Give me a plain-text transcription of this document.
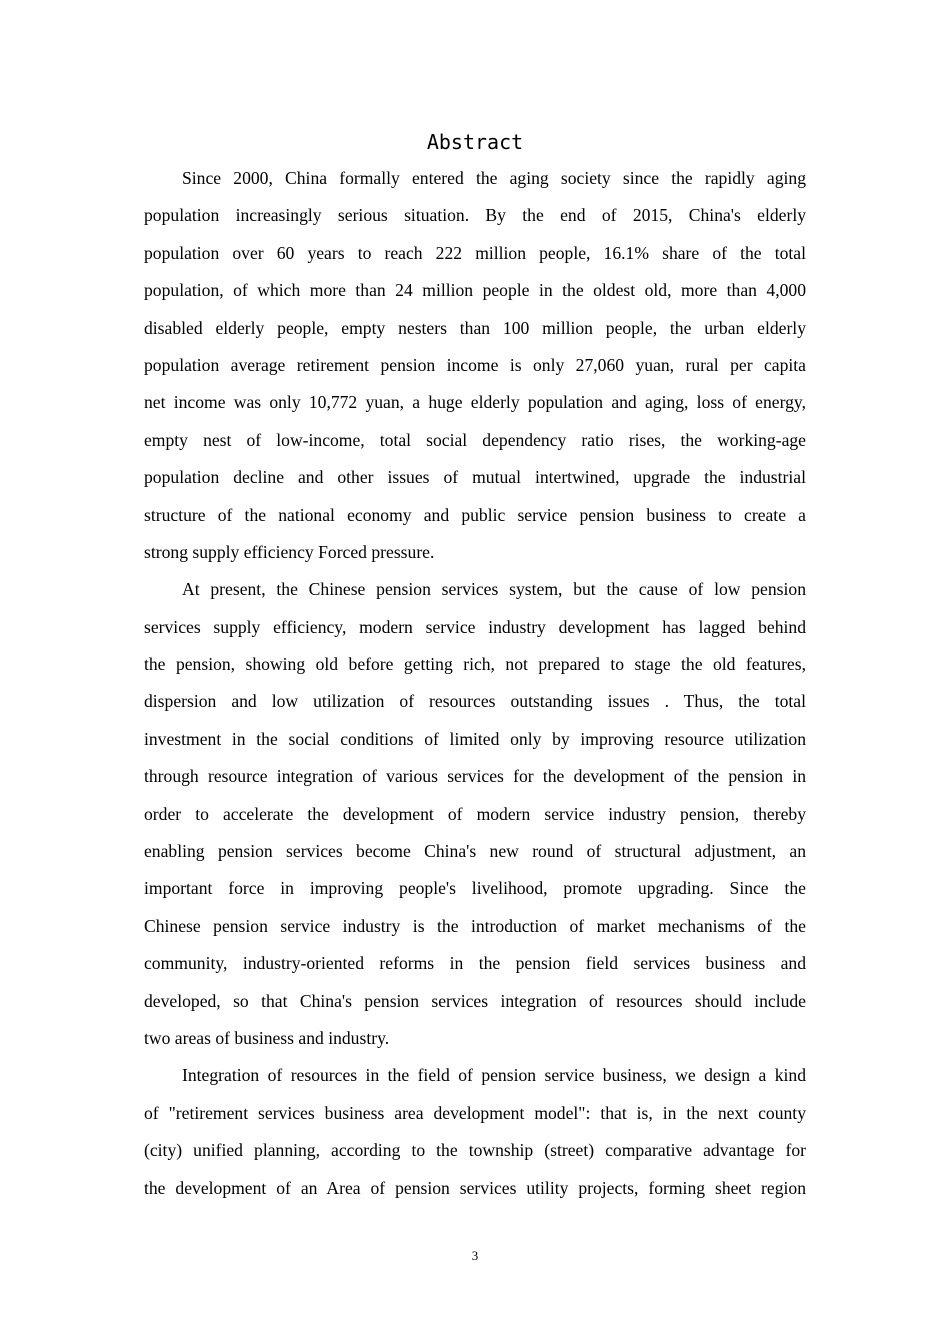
Abstract
Since 2000, China formally entered the aging society since the rapidly aging
population increasingly serious situation. By the end of 2015, China's elderly
population over 60 years to reach 222 million people, 16.1% share of the total
population, of which more than 24 million people in the oldest old, more than 4,000
disabled elderly people, empty nesters than 100 million people, the urban elderly
population average retirement pension income is only 27,060 yuan, rural per capita
net income was only 10,772 yuan, a huge elderly population and aging, loss of energy,
empty nest of low-income, total social dependency ratio rises, the working-age
population decline and other issues of mutual intertwined, upgrade the industrial
structure of the national economy and public service pension business to create a
strong supply efficiency Forced pressure.
At present, the Chinese pension services system, but the cause of low pension
services supply efficiency, modern service industry development has lagged behind
the pension, showing old before getting rich, not prepared to stage the old features,
dispersion and low utilization of resources outstanding issues . Thus, the total
investment in the social conditions of limited only by improving resource utilization
through resource integration of various services for the development of the pension in
order to accelerate the development of modern service industry pension, thereby
enabling pension services become China's new round of structural adjustment, an
important force in improving people's livelihood, promote upgrading. Since the
Chinese pension service industry is the introduction of market mechanisms of the
community, industry-oriented reforms in the pension field services business and
developed, so that China's pension services integration of resources should include
two areas of business and industry.
Integration of resources in the field of pension service business, we design a kind
of "retirement services business area development model": that is, in the next county
(city) unified planning, according to the township (street) comparative advantage for
the development of an Area of pension services utility projects, forming sheet region
3
